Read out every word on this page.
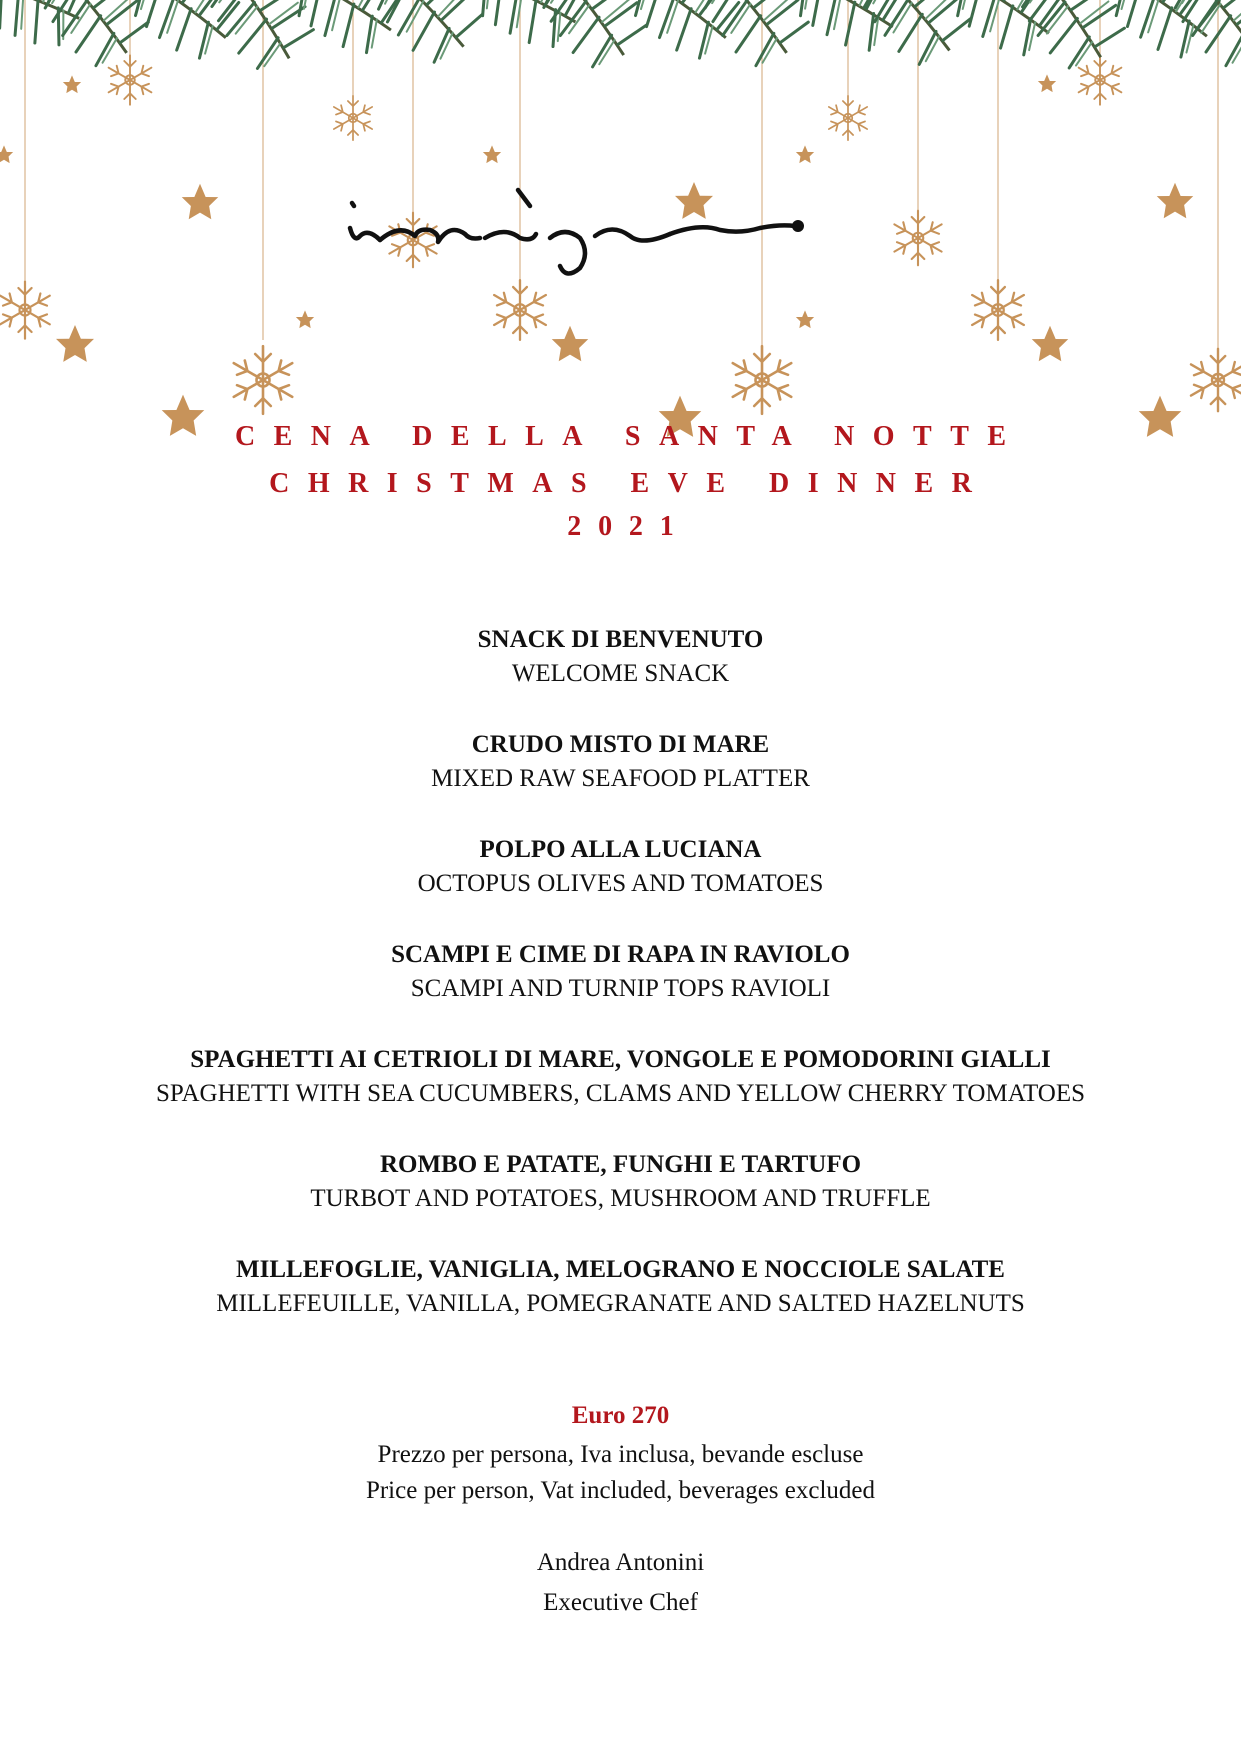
CENA DELLA SANTA NOTTE
CHRISTMAS EVE DINNER
2021
SNACK DI BENVENUTO
WELCOME SNACK
CRUDO MISTO DI MARE
MIXED RAW SEAFOOD PLATTER
POLPO ALLA LUCIANA
OCTOPUS OLIVES AND TOMATOES
SCAMPI E CIME DI RAPA IN RAVIOLO
SCAMPI AND TURNIP TOPS RAVIOLI
SPAGHETTI AI CETRIOLI DI MARE, VONGOLE E POMODORINI GIALLI
SPAGHETTI WITH SEA CUCUMBERS, CLAMS AND YELLOW CHERRY TOMATOES
ROMBO E PATATE, FUNGHI E TARTUFO
TURBOT AND POTATOES, MUSHROOM AND TRUFFLE
MILLEFOGLIE, VANIGLIA, MELOGRANO E NOCCIOLE SALATE
MILLEFEUILLE, VANILLA, POMEGRANATE AND SALTED HAZELNUTS
Euro 270
Prezzo per persona, Iva inclusa, bevande escluse
Price per person, Vat included, beverages excluded
Andrea Antonini
Executive Chef
